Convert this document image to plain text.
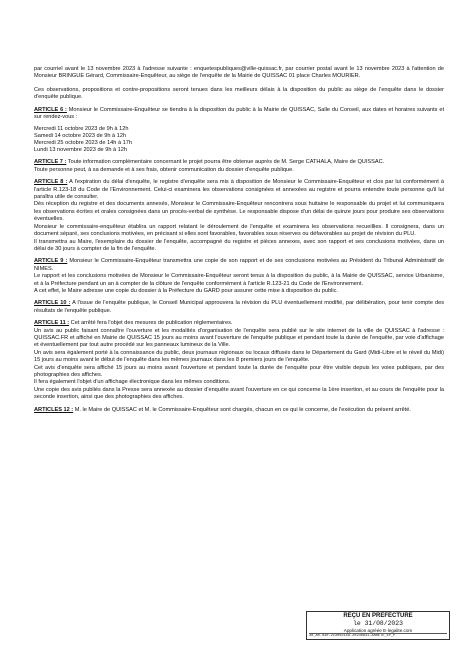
par courriel avant le 13 novembre 2023 à l'adresse suivante : enquetespubliques@ville-quissac.fr, par courrier postal avant le 13 novembre 2023 à l'attention de Monsieur BRINGUE Gérard, Commissaire-Enquêteur, au siège de l'enquête de la Mairie de QUISSAC 01 place Charles MOURIER.

Ces observations, propositions et contre-propositions seront tenues dans les meilleurs délais à la disposition du public au siège de l'enquête dans le dossier d'enquête publique.

ARTICLE 6 : Monsieur le Commissaire-Enquêteur se tiendra à la disposition du public à la Mairie de QUISSAC, Salle du Conseil, aux dates et horaires suivants et sur rendez-vous :

Mercredi 11 octobre 2023 de 9h à 12h

Samedi 14 octobre 2023 de 9h à 12h

Mercredi 25 octobre 2023 de 14h à 17h

Lundi 13 novembre 2023 de 9h à 12h

ARTICLE 7 : Toute information complémentaire concernant le projet pourra être obtenue auprès de M. Serge CATHALA, Maire de QUISSAC.

Toute personne peut, à sa demande et à ses frais, obtenir communication du dossier d'enquête publique.

ARTICLE 8 : A l'expiration du délai d'enquête, le registre d'enquête sera mis à disposition de Monsieur le Commissaire-Enquêteur et clos par lui conformément à l'article R.123-18 du Code de l'Environnement. Celui-ci examinera les observations consignées et annexées au registre et pourra entendre toute personne qu'il lui paraîtra utile de consulter.

Dès réception du registre et des documents annexés, Monsieur le Commissaire-Enquêteur rencontrera sous huitaine le responsable du projet et lui communiquera les observations écrites et orales consignées dans un procès-verbal de synthèse. Le responsable dispose d'un délai de quinze jours pour produire ses observations éventuelles.

Monsieur le commissaire-enquêteur établira un rapport relatant le déroulement de l'enquête et examinera les observations recueillies. Il consignera, dans un document séparé, ses conclusions motivées, en précisant si elles sont favorables, favorables sous réserves ou défavorables au projet de révision du PLU.

Il transmettra au Maire, l'exemplaire du dossier de l'enquête, accompagné du registre et pièces annexes, avec son rapport et ses conclusions motivées, dans un délai de 30 jours à compter de la fin de l'enquête.

ARTICLE 9 : Monsieur le Commissaire-Enquêteur transmettra une copie de son rapport et de ses conclusions motivées au Président du Tribunal Administratif de NIMES.

Le rapport et les conclusions motivées de Monsieur le Commissaire-Enquêteur seront tenus à la disposition du public, à la Mairie de QUISSAC, service Urbanisme, et à la Préfecture pendant un an à compter de la clôture de l'enquête conformément à l'article R.123-21 du Code de l'Environnement.

A cet effet, le Maire adresse une copie du dossier à la Préfecture du GARD pour assurer cette mise à disposition du public.

ARTICLE 10 : A l'issue de l'enquête publique, le Conseil Municipal approuvera la révision du PLU éventuellement modifié, par délibération, pour tenir compte des résultats de l'enquête publique.

ARTICLE 11 : Cet arrêté fera l'objet des mesures de publication réglementaires.

Un avis au public faisant connaître l'ouverture et les modalités d'organisation de l'enquête sera publié sur le site internet de la ville de QUISSAC à l'adresse : QUISSAC.FR et affiché en Mairie de QUISSAC 15 jours au moins avant l'ouverture de l'enquête publique et pendant toute la durée de l'enquête, par voie d'affichage et éventuellement par tout autre procédé sur les panneaux lumineux de la Ville.

Un avis sera également porté à la connaissance du public, deux journaux régionaux ou locaux diffusés dans le Département du Gard (Midi-Libre et le réveil du Midi) 15 jours au moins avant le début de l'enquête dans les mêmes journaux dans les 8 premiers jours de l'enquête.

Cet avis d'enquête sera affiché 15 jours au moins avant l'ouverture et pendant toute la durée de l'enquête pour être visible depuis les voies publiques, par des photographies des affiches.

Il fera également l'objet d'un affichage électronique dans les mêmes conditions.

Une copie des avis publiés dans la Presse sera annexée au dossier d'enquête avant l'ouverture en ce qui concerne la 1ère insertion, et au cours de l'enquête pour la seconde insertion, ainsi que des photographies des affiches.

ARTICLES 12 : M. le Maire de QUISSAC et M. le Commissaire-Enquêteur sont chargés, chacun en ce qui le concerne, de l'exécution du présent arrêté.

REÇU EN PREFECTURE
le 31/08/2023
Application agréée E-legalite.com
30_AR-030-213002159-20230831-ARRETE_EP_P
